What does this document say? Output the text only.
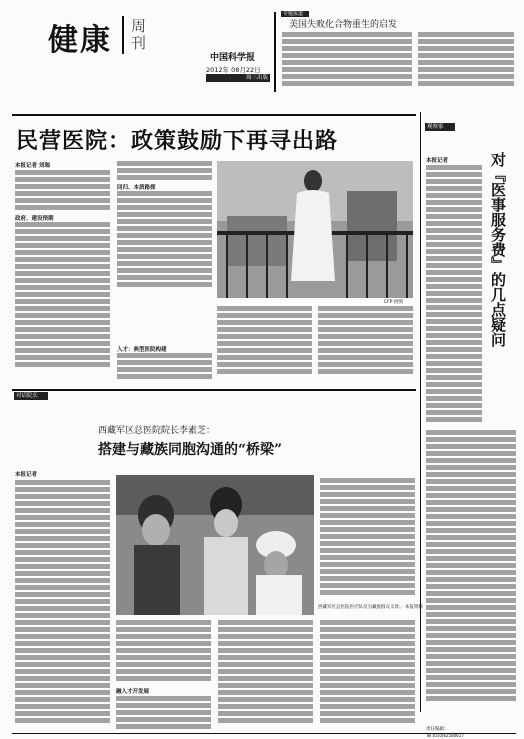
健康 周刊
中国科学报
2012年 08月22日
周三出版
专题报道
美国失败化合物重生的启发
民营医院：政策鼓励下再寻出路
本报记者 刘瑞
政府、建设预期
回归、本质路探
入才：典型医院构建
CFP 供图
观察家
本报记者	对『医事服务费』的几点疑问
对话院长
西藏军区总医院院长李素芝：
搭建与藏族同胞沟通的“桥梁”
本报记者
西藏军区总医院医疗队员为藏族群众义诊。 本报资料
融入才开发展
责任编辑：
Tel:(010)62580617
